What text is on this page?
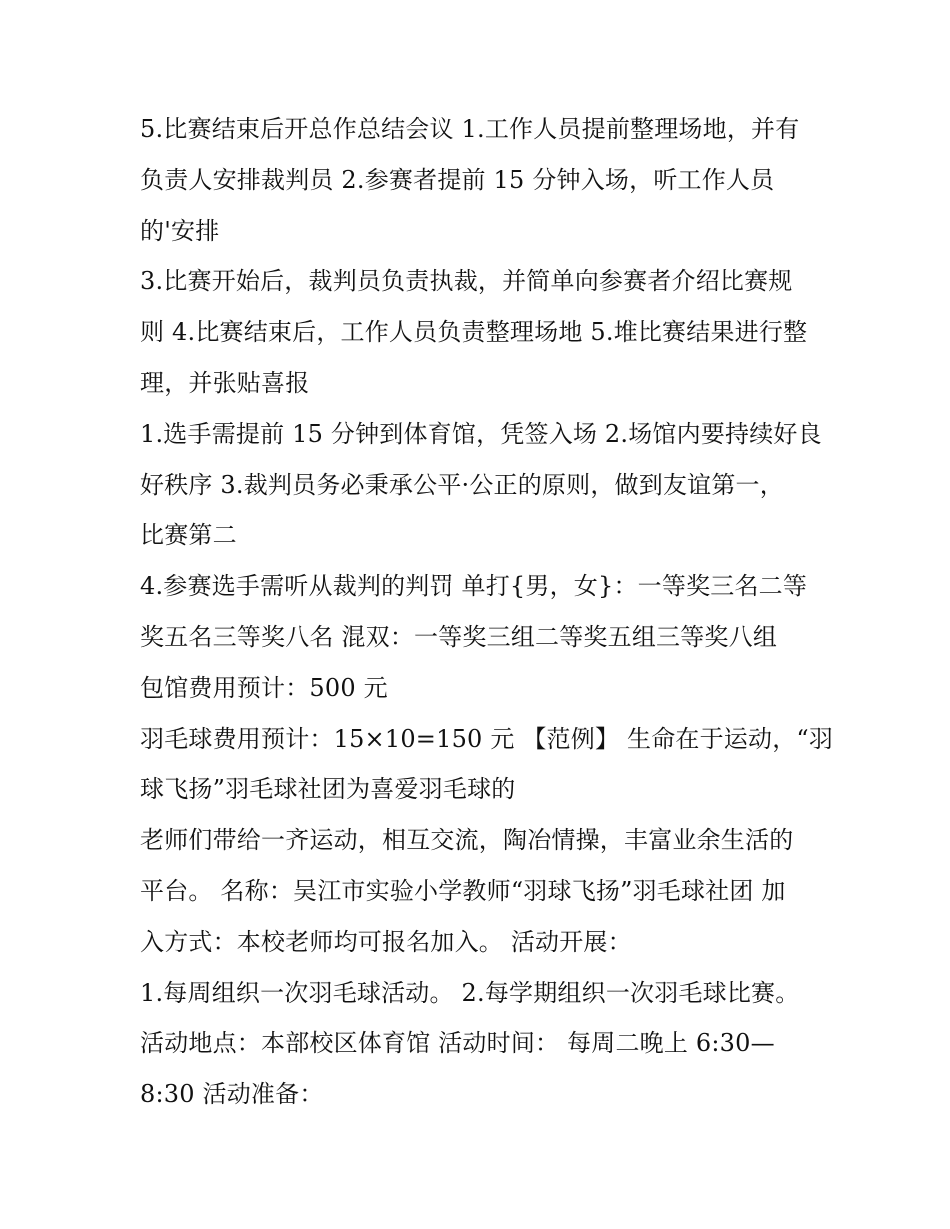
5.比赛结束后开总作总结会议 1.工作人员提前整理场地，并有
负责人安排裁判员 2.参赛者提前 15 分钟入场，听工作人员
的'安排
3.比赛开始后，裁判员负责执裁，并简单向参赛者介绍比赛规
则 4.比赛结束后，工作人员负责整理场地 5.堆比赛结果进行整
理，并张贴喜报
1.选手需提前 15 分钟到体育馆，凭签入场 2.场馆内要持续好良
好秩序 3.裁判员务必秉承公平·公正的原则，做到友谊第一，
比赛第二
4.参赛选手需听从裁判的判罚 单打{男，女}：一等奖三名二等
奖五名三等奖八名 混双：一等奖三组二等奖五组三等奖八组
包馆费用预计：500 元
羽毛球费用预计：15×10=150 元 【范例】 生命在于运动，“羽
球飞扬”羽毛球社团为喜爱羽毛球的
老师们带给一齐运动，相互交流，陶冶情操，丰富业余生活的
平台。 名称：吴江市实验小学教师“羽球飞扬”羽毛球社团 加
入方式：本校老师均可报名加入。 活动开展：
1.每周组织一次羽毛球活动。 2.每学期组织一次羽毛球比赛。
活动地点：本部校区体育馆 活动时间： 每周二晚上 6:30—
8:30 活动准备：
